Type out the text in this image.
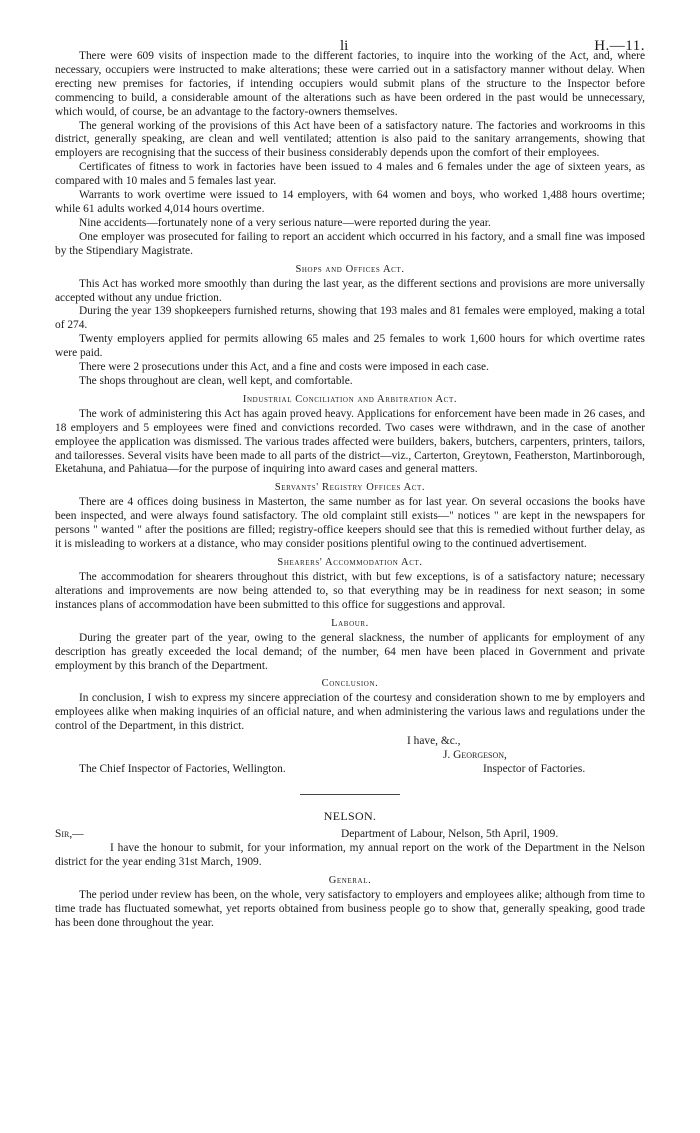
li	H.—11.

There were 609 visits of inspection made to the different factories, to inquire into the working of the Act, and, where necessary, occupiers were instructed to make alterations; these were carried out in a satisfactory manner without delay. When erecting new premises for factories, if intending occupiers would submit plans of the structure to the Inspector before commencing to build, a considerable amount of the alterations such as have been ordered in the past would be unnecessary, which would, of course, be an advantage to the factory-owners themselves.

The general working of the provisions of this Act have been of a satisfactory nature. The factories and workrooms in this district, generally speaking, are clean and well ventilated; attention is also paid to the sanitary arrangements, showing that employers are recognising that the success of their business considerably depends upon the comfort of their employees.

Certificates of fitness to work in factories have been issued to 4 males and 6 females under the age of sixteen years, as compared with 10 males and 5 females last year.

Warrants to work overtime were issued to 14 employers, with 64 women and boys, who worked 1,488 hours overtime; while 61 adults worked 4,014 hours overtime.

Nine accidents—fortunately none of a very serious nature—were reported during the year.

One employer was prosecuted for failing to report an accident which occurred in his factory, and a small fine was imposed by the Stipendiary Magistrate.

Shops and Offices Act.

This Act has worked more smoothly than during the last year, as the different sections and provisions are more universally accepted without any undue friction.

During the year 139 shopkeepers furnished returns, showing that 193 males and 81 females were employed, making a total of 274.

Twenty employers applied for permits allowing 65 males and 25 females to work 1,600 hours for which overtime rates were paid.

There were 2 prosecutions under this Act, and a fine and costs were imposed in each case.

The shops throughout are clean, well kept, and comfortable.

Industrial Conciliation and Arbitration Act.

The work of administering this Act has again proved heavy. Applications for enforcement have been made in 26 cases, and 18 employers and 5 employees were fined and convictions recorded. Two cases were withdrawn, and in the case of another employee the application was dismissed. The various trades affected were builders, bakers, butchers, carpenters, printers, tailors, and tailoresses. Several visits have been made to all parts of the district—viz., Carterton, Greytown, Featherston, Martinborough, Eketahuna, and Pahiatua—for the purpose of inquiring into award cases and general matters.

Servants' Registry Offices Act.

There are 4 offices doing business in Masterton, the same number as for last year. On several occasions the books have been inspected, and were always found satisfactory. The old complaint still exists—" notices " are kept in the newspapers for persons " wanted " after the positions are filled; registry-office keepers should see that this is remedied without further delay, as it is misleading to workers at a distance, who may consider positions plentiful owing to the continued advertisement.

Shearers' Accommodation Act.

The accommodation for shearers throughout this district, with but few exceptions, is of a satisfactory nature; necessary alterations and improvements are now being attended to, so that everything may be in readiness for next season; in some instances plans of accommodation have been submitted to this office for suggestions and approval.

Labour.

During the greater part of the year, owing to the general slackness, the number of applicants for employment of any description has greatly exceeded the local demand; of the number, 64 men have been placed in Government and private employment by this branch of the Department.

Conclusion.

In conclusion, I wish to express my sincere appreciation of the courtesy and consideration shown to me by employers and employees alike when making inquiries of an official nature, and when administering the various laws and regulations under the control of the Department, in this district.

I have, &c.,
J. Georgeson,
The Chief Inspector of Factories, Wellington.	Inspector of Factories.
NELSON.
Sir,—	Department of Labour, Nelson, 5th April, 1909.

I have the honour to submit, for your information, my annual report on the work of the Department in the Nelson district for the year ending 31st March, 1909.

General.

The period under review has been, on the whole, very satisfactory to employers and employees alike; although from time to time trade has fluctuated somewhat, yet reports obtained from business people go to show that, generally speaking, good trade has been done throughout the year.
